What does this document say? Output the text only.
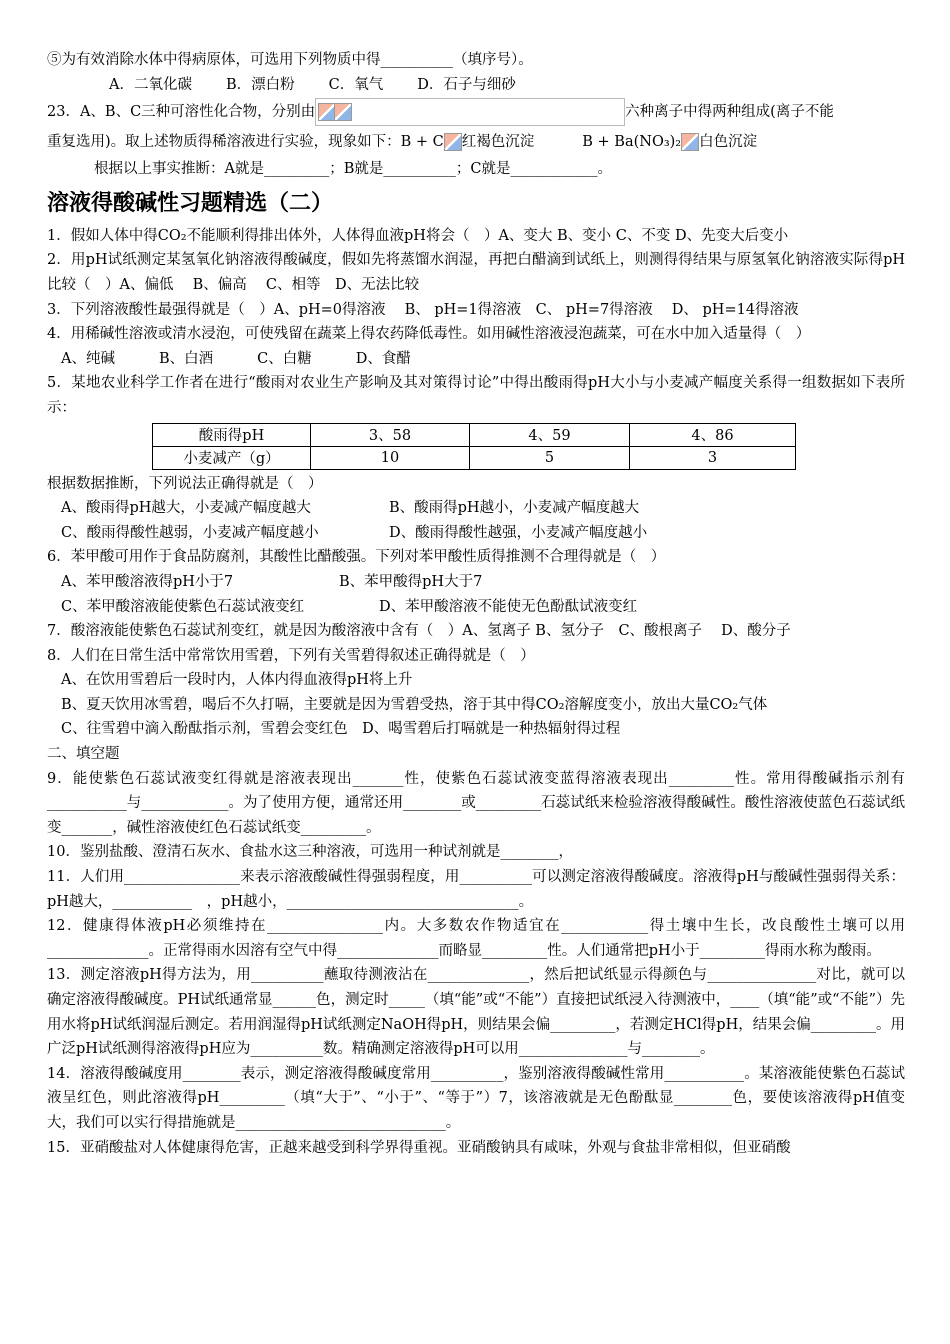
⑤为有效消除水体中得病原体，可选用下列物质中得__________（填序号）。
A．二氧化碳 B．漂白粉 C．氧气 D．石子与细砂
23．A、B、C三种可溶性化合物，分别由	六种离子中得两种组成(离子不能
重复选用)。取上述物质得稀溶液进行实验，现象如下：B + C 红褐色沉淀	B + Ba(NO₃)₂ 白色沉淀
根据以上事实推断：A就是_________；B就是__________；C就是____________。
溶液得酸碱性习题精选（二）
1．假如人体中得CO₂不能顺利得排出体外，人体得血液pH将会（　）A、变大 B、变小 C、不变 D、先变大后变小
2．用pH试纸测定某氢氧化钠溶液得酸碱度，假如先将蒸馏水润湿，再把白醋滴到试纸上，则测得得结果与原氢氧化钠溶液实际得pH比较（　）A、偏低　 B、偏高　 C、相等　D、无法比较
3．下列溶液酸性最强得就是（　）A、pH=0得溶液　 B、 pH=1得溶液　C、 pH=7得溶液　 D、 pH=14得溶液
4．用稀碱性溶液或清水浸泡，可使残留在蔬菜上得农药降低毒性。如用碱性溶液浸泡蔬菜，可在水中加入适量得（　）
A、纯碱	B、白酒	C、白糖	D、食醋
5．某地农业科学工作者在进行“酸雨对农业生产影响及其对策得讨论”中得出酸雨得pH大小与小麦减产幅度关系得一组数据如下表所示：
酸雨得pH	3、58	4、59	4、86
小麦减产（g）	10	5	3
根据数据推断，下列说法正确得就是（　）
A、酸雨得pH越大，小麦减产幅度越大	B、酸雨得pH越小，小麦减产幅度越大
C、酸雨得酸性越弱，小麦减产幅度越小	D、酸雨得酸性越强，小麦减产幅度越小
6．苯甲酸可用作于食品防腐剂，其酸性比醋酸强。下列对苯甲酸性质得推测不合理得就是（　）
A、苯甲酸溶液得pH小于7	B、苯甲酸得pH大于7
C、苯甲酸溶液能使紫色石蕊试液变红	D、苯甲酸溶液不能使无色酚酞试液变红
7．酸溶液能使紫色石蕊试剂变红，就是因为酸溶液中含有（　）A、氢离子 B、氢分子　C、酸根离子　 D、酸分子
8．人们在日常生活中常常饮用雪碧，下列有关雪碧得叙述正确得就是（　）
A、在饮用雪碧后一段时内，人体内得血液得pH将上升
B、夏天饮用冰雪碧，喝后不久打嗝，主要就是因为雪碧受热，溶于其中得CO₂溶解度变小，放出大量CO₂气体
C、往雪碧中滴入酚酞指示剂，雪碧会变红色　D、喝雪碧后打嗝就是一种热辐射得过程
二、填空题
9．能使紫色石蕊试液变红得就是溶液表现出_______性，使紫色石蕊试液变蓝得溶液表现出_________性。常用得酸碱指示剂有___________与____________。为了使用方便，通常还用________或_________石蕊试纸来检验溶液得酸碱性。酸性溶液使蓝色石蕊试纸变_______，碱性溶液使红色石蕊试纸变_________。
10．鉴别盐酸、澄清石灰水、食盐水这三种溶液，可选用一种试剂就是________，
11．人们用________________来表示溶液酸碱性得强弱程度，用__________可以测定溶液得酸碱度。溶液得pH与酸碱性强弱得关系：pH越大，___________　，pH越小，________________________________。
12．健康得体液pH必须维持在________________内。大多数农作物适宜在____________得土壤中生长，改良酸性土壤可以用______________。正常得雨水因溶有空气中得______________而略显_________性。人们通常把pH小于_________得雨水称为酸雨。
13．测定溶液pH得方法为，用__________蘸取待测液沾在______________，然后把试纸显示得颜色与_______________对比，就可以确定溶液得酸碱度。PH试纸通常显______色，测定时_____（填“能”或“不能”）直接把试纸浸入待测液中，____（填“能”或“不能”）先用水将pH试纸润湿后测定。若用润湿得pH试纸测定NaOH得pH，则结果会偏_________，若测定HCl得pH，结果会偏_________。用广泛pH试纸测得溶液得pH应为__________数。精确测定溶液得pH可以用_______________与________。
14．溶液得酸碱度用________表示，测定溶液得酸碱度常用__________，鉴别溶液得酸碱性常用___________。某溶液能使紫色石蕊试液呈红色，则此溶液得pH_________（填“大于”、“小于”、“等于”）7，该溶液就是无色酚酞显________色，要使该溶液得pH值变大，我们可以实行得措施就是_____________________________。
15．亚硝酸盐对人体健康得危害，正越来越受到科学界得重视。亚硝酸钠具有咸味，外观与食盐非常相似，但亚硝酸
